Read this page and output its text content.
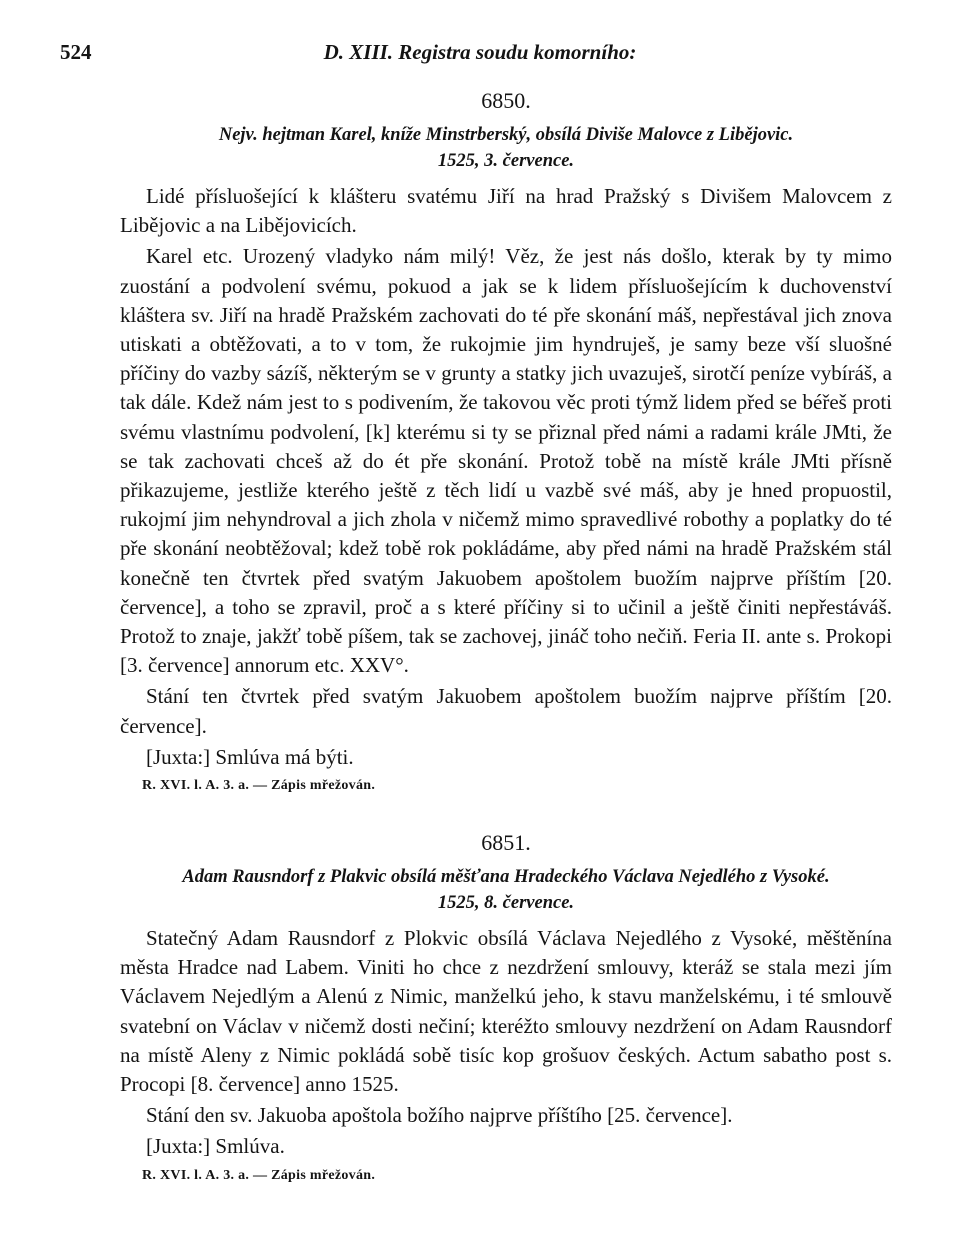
524	D. XIII. Registra soudu komorního:

6850.

Nejv. hejtman Karel, kníže Minstrberský, obsílá Diviše Malovce z Libějovic.

1525, 3. července.

Lidé přísluošející k klášteru svatému Jiří na hrad Pražský s Divišem Malovcem z Libějovic a na Libějovicích.

Karel etc. Urozený vladyko nám milý! Věz, že jest nás došlo, kterak by ty mimo zuostání a podvolení svému, pokuod a jak se k lidem přísluošejícím k duchovenství kláštera sv. Jiří na hradě Pražském zachovati do té pře skonání máš, nepřestával jich znova utiskati a obtěžovati, a to v tom, že rukojmie jim hyndruješ, je samy beze vší sluošné příčiny do vazby sázíš, některým se v grunty a statky jich uvazuješ, sirotčí peníze vybíráš, a tak dále. Kdež nám jest to s podivením, že takovou věc proti týmž lidem před se béřeš proti svému vlastnímu podvolení, [k] kterému si ty se přiznal před námi a radami krále JMti, že se tak zachovati chceš až do ét pře skonání. Protož tobě na místě krále JMti přísně přikazujeme, jestliže kterého ještě z těch lidí u vazbě své máš, aby je hned propuostil, rukojmí jim nehyndroval a jich zhola v ničemž mimo spravedlivé robothy a poplatky do té pře skonání neobtěžoval; kdež tobě rok pokládáme, aby před námi na hradě Pražském stál konečně ten čtvrtek před svatým Jakuobem apoštolem buožím najprve příštím [20. července], a toho se zpravil, proč a s které příčiny si to učinil a ještě činiti nepřestáváš. Protož to znaje, jakžť tobě píšem, tak se zachovej, jináč toho nečiň. Feria II. ante s. Prokopi [3. července] annorum etc. XXV°.

Stání ten čtvrtek před svatým Jakuobem apoštolem buožím najprve příštím [20. července].

[Juxta:] Smlúva má býti.

R. XVI. l. A. 3. a. — Zápis mřežován.

6851.

Adam Rausndorf z Plakvic obsílá měšťana Hradeckého Václava Nejedlého z Vysoké.

1525, 8. července.

Statečný Adam Rausndorf z Plokvic obsílá Václava Nejedlého z Vysoké, měštěnína města Hradce nad Labem. Viniti ho chce z nezdržení smlouvy, kteráž se stala mezi jím Václavem Nejedlým a Alenú z Nimic, manželkú jeho, k stavu manželskému, i té smlouvě svatební on Václav v ničemž dosti nečiní; kteréžto smlouvy nezdržení on Adam Rausndorf na místě Aleny z Nimic pokládá sobě tisíc kop grošuov českých. Actum sabatho post s. Procopi [8. července] anno 1525.

Stání den sv. Jakuoba apoštola božího najprve příštího [25. července].

[Juxta:] Smlúva.

R. XVI. l. A. 3. a. — Zápis mřežován.
